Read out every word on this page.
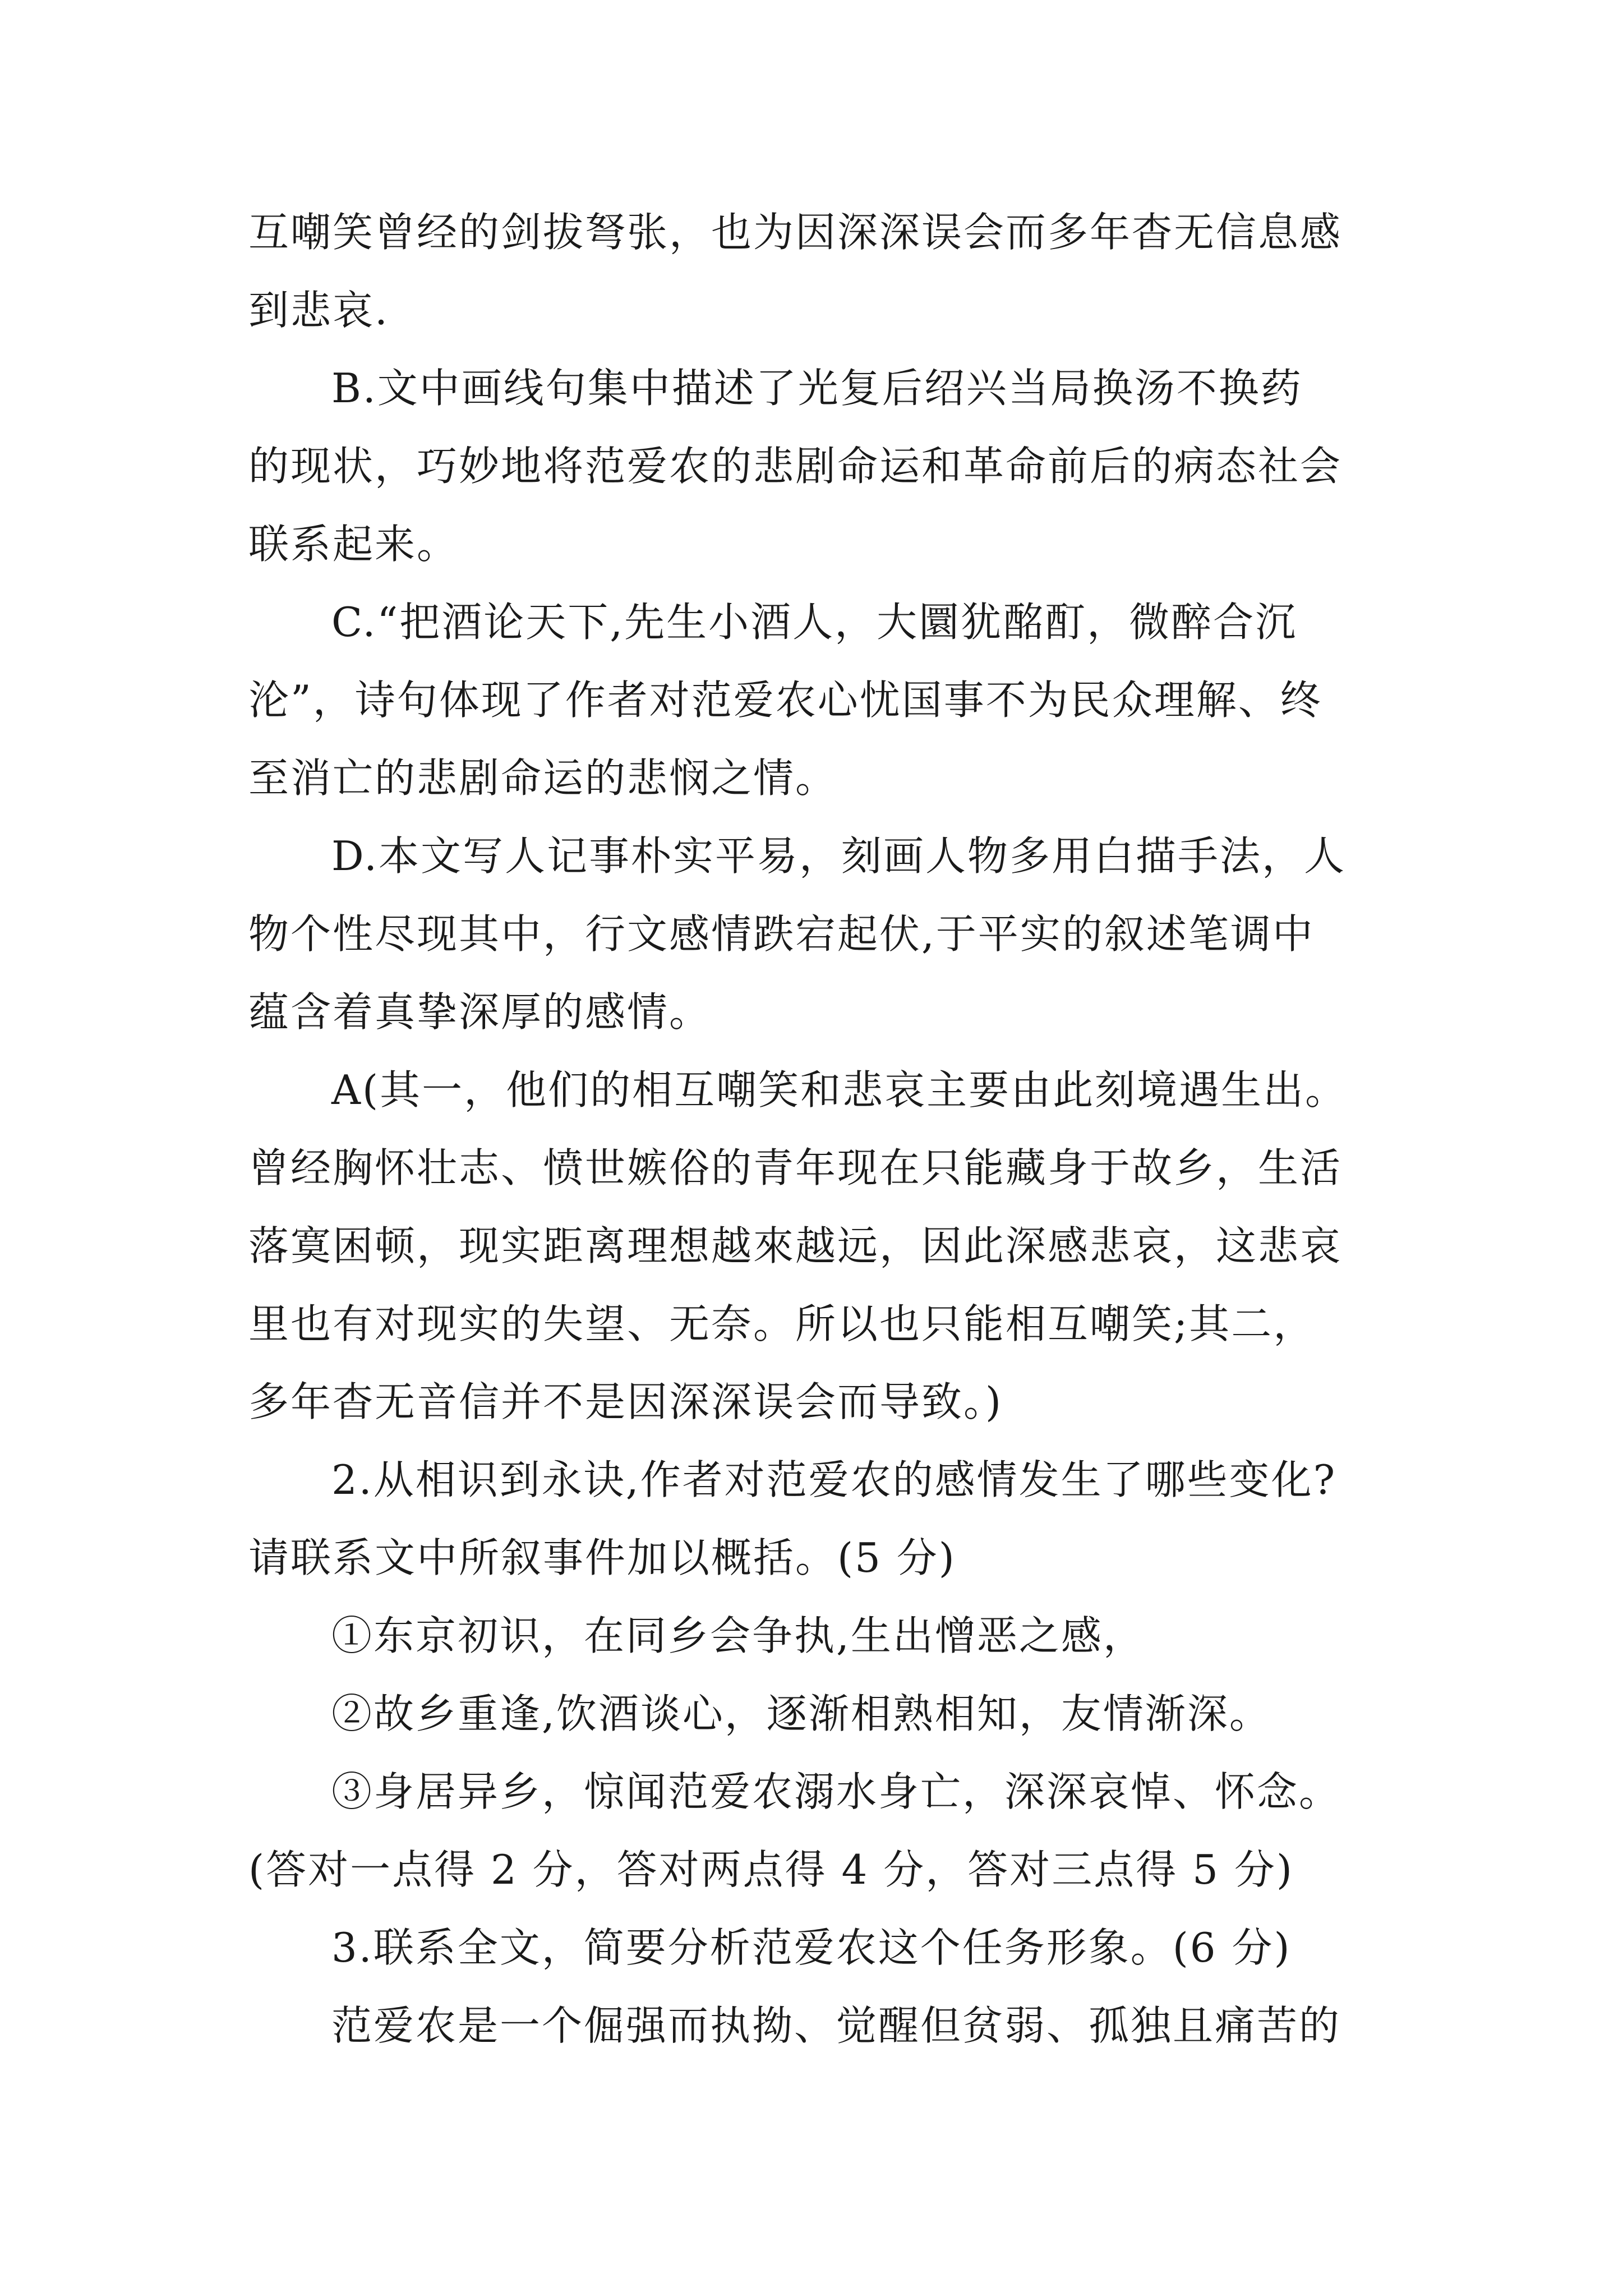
互嘲笑曾经的剑拔弩张，也为因深深误会而多年杳无信息感
到悲哀.
B.文中画线句集中描述了光复后绍兴当局换汤不换药
的现状，巧妙地将范爱农的悲剧命运和革命前后的病态社会
联系起来。
C.“把酒论天下,先生小酒人，大圜犹酩酊，微醉合沉
沦”，诗句体现了作者对范爱农心忧国事不为民众理解、终
至消亡的悲剧命运的悲悯之情。
D.本文写人记事朴实平易，刻画人物多用白描手法，人
物个性尽现其中，行文感情跌宕起伏,于平实的叙述笔调中
蕴含着真挚深厚的感情。
A(其一，他们的相互嘲笑和悲哀主要由此刻境遇生出。
曾经胸怀壮志、愤世嫉俗的青年现在只能藏身于故乡，生活
落寞困顿，现实距离理想越來越远，因此深感悲哀，这悲哀
里也有对现实的失望、无奈。所以也只能相互嘲笑;其二，
多年杳无音信并不是因深深误会而导致。)
2.从相识到永诀,作者对范爱农的感情发生了哪些变化?
请联系文中所叙事件加以概括。(5 分)
①东京初识，在同乡会争执,生出憎恶之感，
②故乡重逢,饮酒谈心，逐渐相熟相知，友情渐深。
③身居异乡，惊闻范爱农溺水身亡，深深哀悼、怀念。
(答对一点得 2 分，答对两点得 4 分，答对三点得 5 分)
3.联系全文，简要分析范爱农这个任务形象。(6 分)
范爱农是一个倔强而执拗、觉醒但贫弱、孤独且痛苦的
